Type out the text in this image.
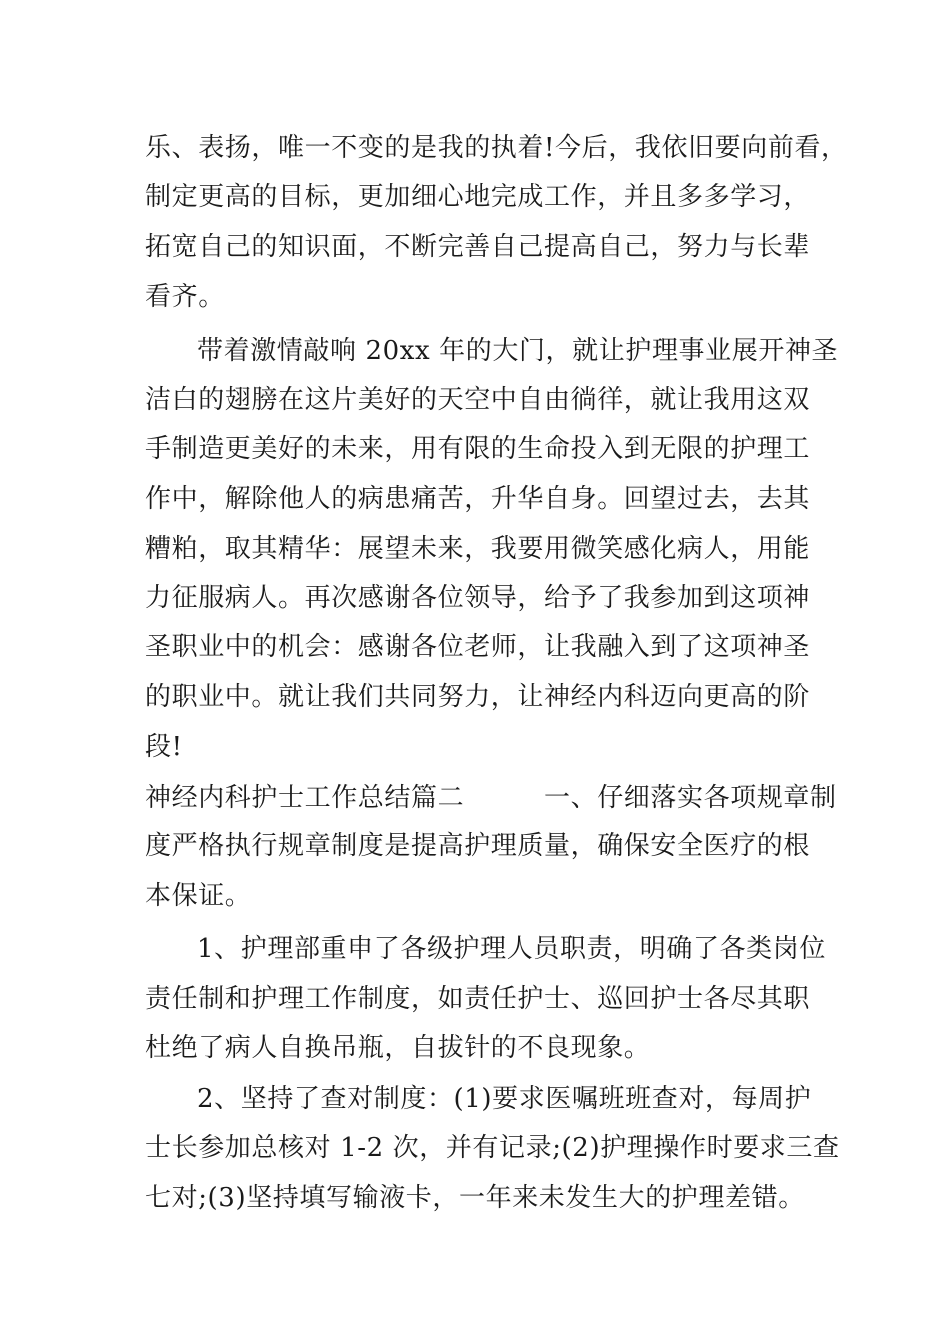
乐、表扬，唯一不变的是我的执着!今后，我依旧要向前看，
制定更高的目标，更加细心地完成工作，并且多多学习，
拓宽自己的知识面，不断完善自己提高自己，努力与长辈
看齐。
带着激情敲响 20xx 年的大门，就让护理事业展开神圣
洁白的翅膀在这片美好的天空中自由徜徉，就让我用这双
手制造更美好的未来，用有限的生命投入到无限的护理工
作中，解除他人的病患痛苦，升华自身。回望过去，去其
糟粕，取其精华：展望未来，我要用微笑感化病人，用能
力征服病人。再次感谢各位领导，给予了我参加到这项神
圣职业中的机会：感谢各位老师，让我融入到了这项神圣
的职业中。就让我们共同努力，让神经内科迈向更高的阶
段!
神经内科护士工作总结篇二　　　一、仔细落实各项规章制
度严格执行规章制度是提高护理质量，确保安全医疗的根
本保证。
1、护理部重申了各级护理人员职责，明确了各类岗位
责任制和护理工作制度，如责任护士、巡回护士各尽其职
杜绝了病人自换吊瓶，自拔针的不良现象。
2、坚持了查对制度：(1)要求医嘱班班查对，每周护
士长参加总核对 1-2 次，并有记录;(2)护理操作时要求三查
七对;(3)坚持填写输液卡，一年来未发生大的护理差错。
